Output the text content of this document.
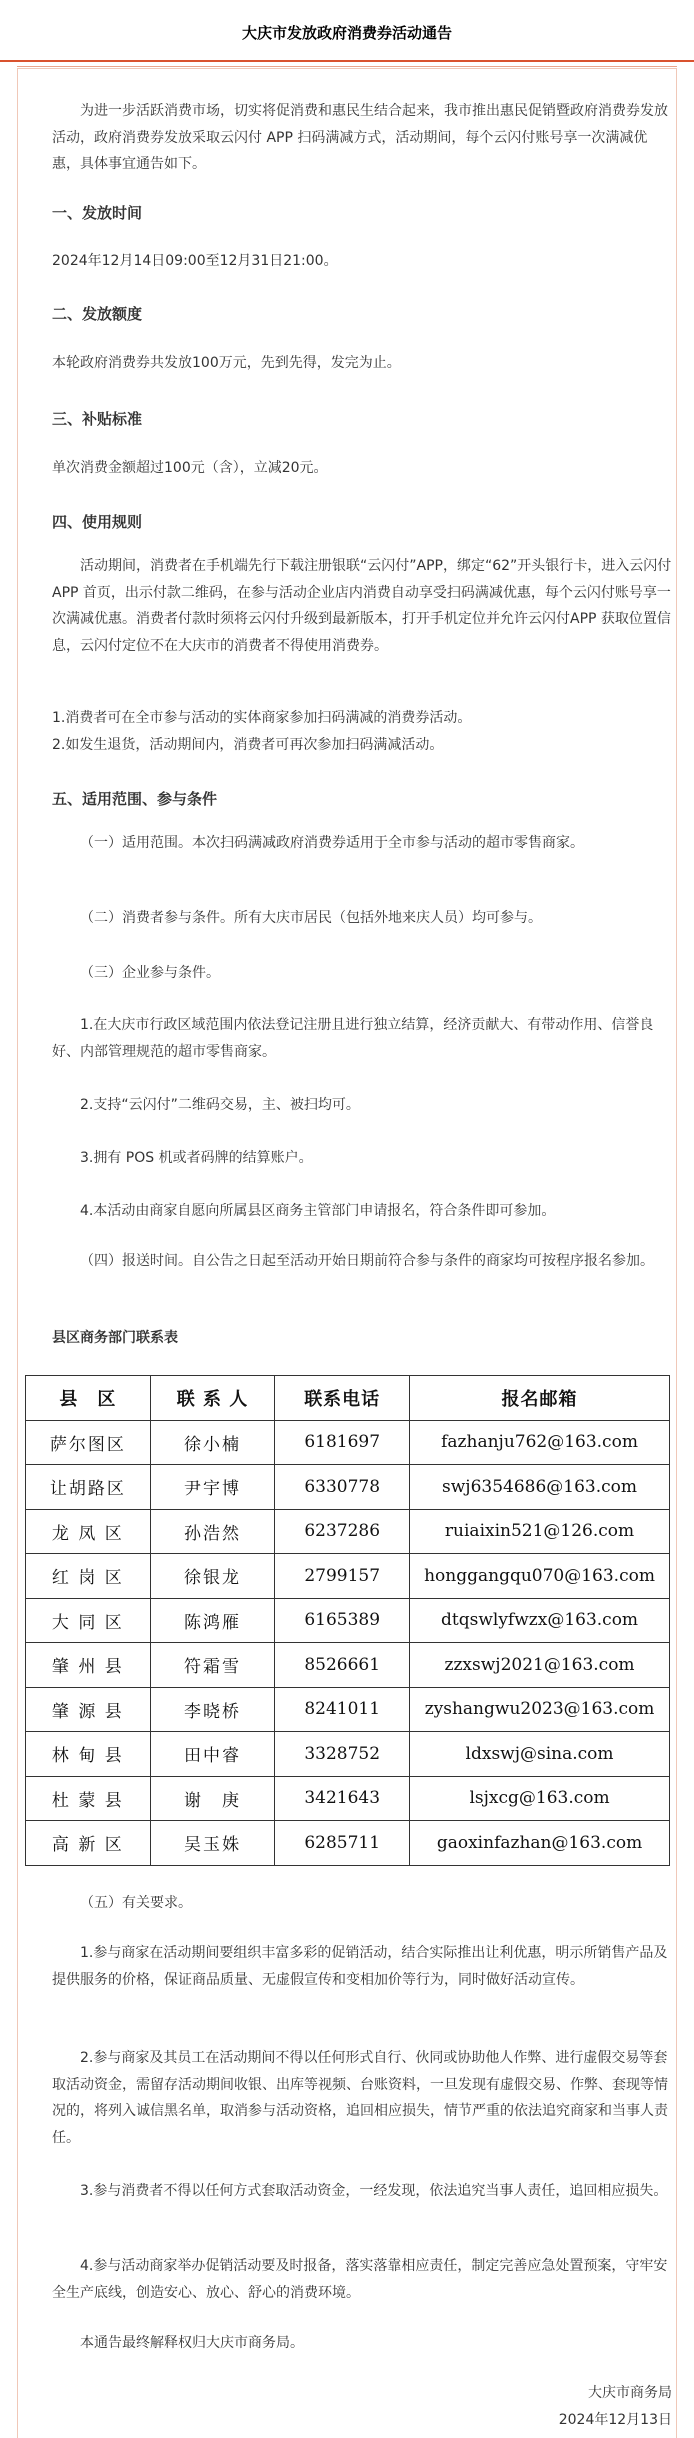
大庆市发放政府消费券活动通告
为进一步活跃消费市场，切实将促消费和惠民生结合起来，我市推出惠民促销暨政府消费券发放活动，政府消费券发放采取云闪付 APP 扫码满减方式，活动期间，每个云闪付账号享一次满减优惠，具体事宜通告如下。
一、发放时间
2024年12月14日09:00至12月31日21:00。
二、发放额度
本轮政府消费券共发放100万元，先到先得，发完为止。
三、补贴标准
单次消费金额超过100元（含），立减20元。
四、使用规则
活动期间，消费者在手机端先行下载注册银联“云闪付”APP，绑定“62”开头银行卡，进入云闪付 APP 首页，出示付款二维码，在参与活动企业店内消费自动享受扫码满减优惠，每个云闪付账号享一次满减优惠。消费者付款时须将云闪付升级到最新版本，打开手机定位并允许云闪付APP 获取位置信息，云闪付定位不在大庆市的消费者不得使用消费券。
1.消费者可在全市参与活动的实体商家参加扫码满减的消费券活动。
2.如发生退货，活动期间内，消费者可再次参加扫码满减活动。
五、适用范围、参与条件
（一）适用范围。本次扫码满减政府消费券适用于全市参与活动的超市零售商家。
（二）消费者参与条件。所有大庆市居民（包括外地来庆人员）均可参与。
（三）企业参与条件。
1.在大庆市行政区域范围内依法登记注册且进行独立结算，经济贡献大、有带动作用、信誉良好、内部管理规范的超市零售商家。
2.支持“云闪付”二维码交易，主、被扫均可。
3.拥有 POS 机或者码牌的结算账户。
4.本活动由商家自愿向所属县区商务主管部门申请报名，符合条件即可参加。
（四）报送时间。自公告之日起至活动开始日期前符合参与条件的商家均可按程序报名参加。
县区商务部门联系表
县　区	联 系 人	联系电话	报名邮箱
萨尔图区	徐小楠	6181697	fazhanju762@163.com
让胡路区	尹宇博	6330778	swj6354686@163.com
龙 凤 区	孙浩然	6237286	ruiaixin521@126.com
红 岗 区	徐银龙	2799157	honggangqu070@163.com
大 同 区	陈鸿雁	6165389	dtqswlyfwzx@163.com
肇 州 县	符霜雪	8526661	zzxswj2021@163.com
肇 源 县	李晓桥	8241011	zyshangwu2023@163.com
林 甸 县	田中睿	3328752	ldxswj@sina.com
杜 蒙 县	谢　庚	3421643	lsjxcg@163.com
高 新 区	吴玉姝	6285711	gaoxinfazhan@163.com
（五）有关要求。
1.参与商家在活动期间要组织丰富多彩的促销活动，结合实际推出让利优惠，明示所销售产品及提供服务的价格，保证商品质量、无虚假宣传和变相加价等行为，同时做好活动宣传。
2.参与商家及其员工在活动期间不得以任何形式自行、伙同或协助他人作弊、进行虚假交易等套取活动资金，需留存活动期间收银、出库等视频、台账资料，一旦发现有虚假交易、作弊、套现等情况的，将列入诚信黑名单，取消参与活动资格，追回相应损失，情节严重的依法追究商家和当事人责任。
3.参与消费者不得以任何方式套取活动资金，一经发现，依法追究当事人责任，追回相应损失。
4.参与活动商家举办促销活动要及时报备，落实落靠相应责任，制定完善应急处置预案，守牢安全生产底线，创造安心、放心、舒心的消费环境。
本通告最终解释权归大庆市商务局。
大庆市商务局
2024年12月13日
